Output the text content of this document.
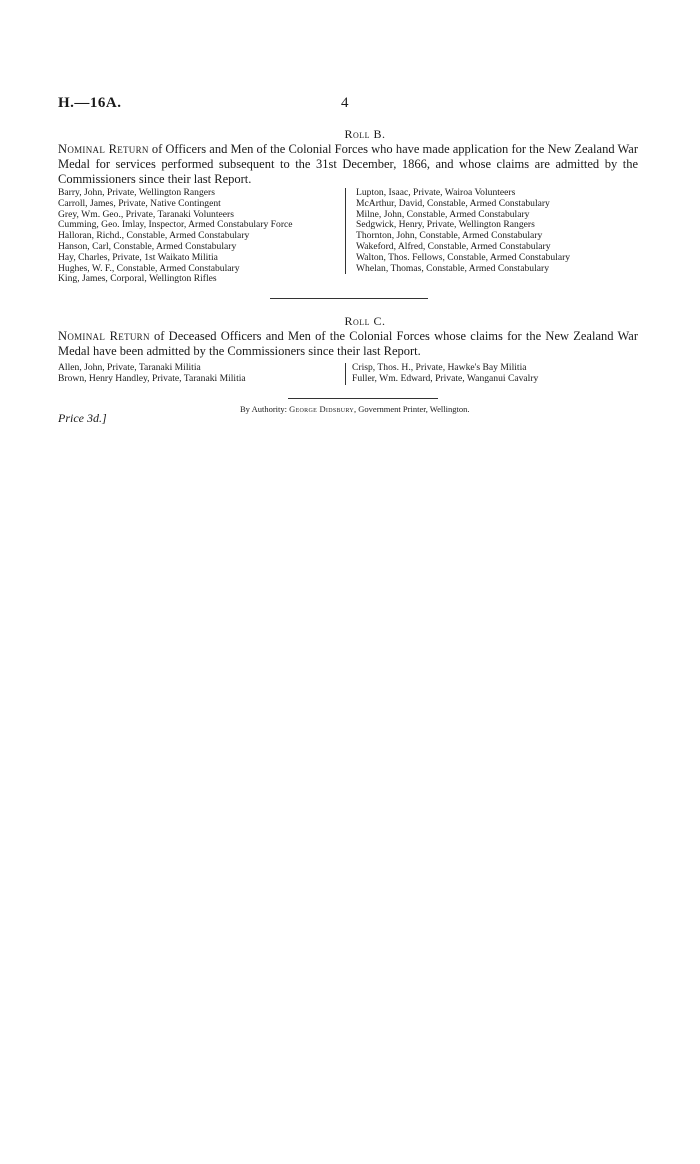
H.—16A.	4
Roll B.
Nominal Return of Officers and Men of the Colonial Forces who have made application for the New Zealand War Medal for services performed subsequent to the 31st December, 1866, and whose claims are admitted by the Commissioners since their last Report.
Barry, John, Private, Wellington Rangers
Carroll, James, Private, Native Contingent
Grey, Wm. Geo., Private, Taranaki Volunteers
Cumming, Geo. Imlay, Inspector, Armed Constabulary Force
Halloran, Richd., Constable, Armed Constabulary
Hanson, Carl, Constable, Armed Constabulary
Hay, Charles, Private, 1st Waikato Militia
Hughes, W. F., Constable, Armed Constabulary
King, James, Corporal, Wellington Rifles
Lupton, Isaac, Private, Wairoa Volunteers
McArthur, David, Constable, Armed Constabulary
Milne, John, Constable, Armed Constabulary
Sedgwick, Henry, Private, Wellington Rangers
Thornton, John, Constable, Armed Constabulary
Wakeford, Alfred, Constable, Armed Constabulary
Walton, Thos. Fellows, Constable, Armed Constabulary
Whelan, Thomas, Constable, Armed Constabulary
Roll C.
Nominal Return of Deceased Officers and Men of the Colonial Forces whose claims for the New Zealand War Medal have been admitted by the Commissioners since their last Report.
Allen, John, Private, Taranaki Militia
Brown, Henry Handley, Private, Taranaki Militia
Crisp, Thos. H., Private, Hawke's Bay Militia
Fuller, Wm. Edward, Private, Wanganui Cavalry
By Authority: George Didsbury, Government Printer, Wellington.
Price 3d.]
